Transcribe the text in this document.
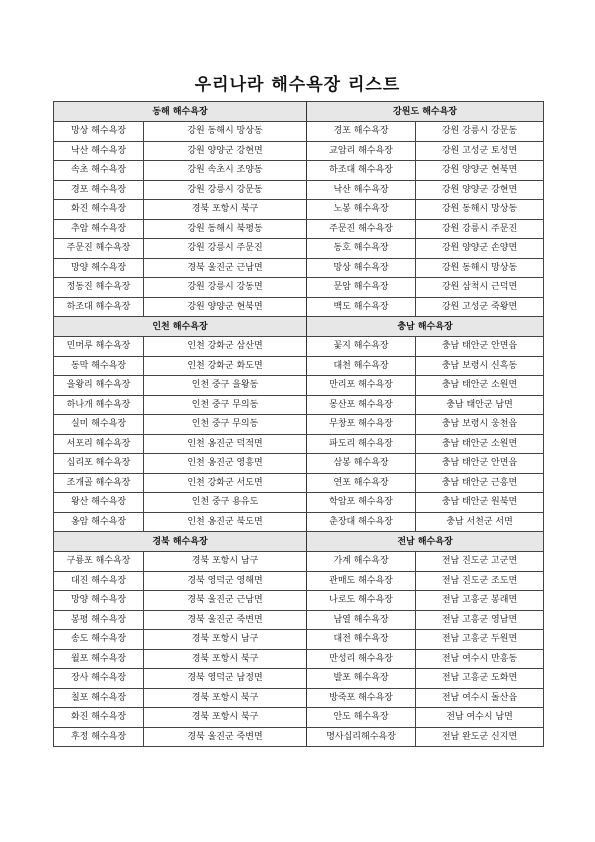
우리나라 해수욕장 리스트
동해 해수욕장		강원도 해수욕장	
망상 해수욕장	강원 동해시 망상동	경포 해수욕장	강원 강릉시 강문동
낙산 해수욕장	강원 양양군 강현면	교암리 해수욕장	강원 고성군 토성면
속초 해수욕장	강원 속초시 조양동	하조대 해수욕장	강원 양양군 현북면
경포 해수욕장	강원 강릉시 강문동	낙산 해수욕장	강원 양양군 강현면
화진 해수욕장	경북 포항시 북구	노봉 해수욕장	강원 동해시 망상동
추암 해수욕장	강원 동해시 북평동	주문진 해수욕장	강원 강릉시 주문진
주문진 해수욕장	강원 강릉시 주문진	동호 해수욕장	강원 양양군 손양면
망양 해수욕장	경북 울진군 근남면	망상 해수욕장	강원 동해시 망상동
정동진 해수욕장	강원 강릉시 강동면	문암 해수욕장	강원 삼척시 근덕면
하조대 해수욕장	강원 양양군 현북면	백도 해수욕장	강원 고성군 죽왕면
인천 해수욕장		충남 해수욕장	
민머루 해수욕장	인천 강화군 삼산면	꽃지 해수욕장	충남 태안군 안면읍
동막 해수욕장	인천 강화군 화도면	대천 해수욕장	충남 보령시 신흑동
을왕리 해수욕장	인천 중구 을왕동	만리포 해수욕장	충남 태안군 소원면
하나개 해수욕장	인천 중구 무의동	몽산포 해수욕장	충남 태안군 남면
실미 해수욕장	인천 중구 무의동	무창포 해수욕장	충남 보령시 웅천읍
서포리 해수욕장	인천 옹진군 덕적면	파도리 해수욕장	충남 태안군 소원면
십리포 해수욕장	인천 옹진군 영흥면	삼봉 해수욕장	충남 태안군 안면읍
조개골 해수욕장	인천 강화군 서도면	연포 해수욕장	충남 태안군 근흥면
왕산 해수욕장	인천 중구 용유도	학암포 해수욕장	충남 태안군 원북면
옹암 해수욕장	인천 옹진군 북도면	춘장대 해수욕장	충남 서천군 서면
경북 해수욕장		전남 해수욕장	
구룡포 해수욕장	경북 포항시 남구	가계 해수욕장	전남 진도군 고군면
대진 해수욕장	경북 영덕군 영해면	관매도 해수욕장	전남 진도군 조도면
망양 해수욕장	경북 울진군 근남면	나로도 해수욕장	전남 고흥군 봉래면
봉평 해수욕장	경북 울진군 죽변면	남열 해수욕장	전남 고흥군 영남면
송도 해수욕장	경북 포항시 남구	대전 해수욕장	전남 고흥군 두원면
월포 해수욕장	경북 포항시 북구	만성리 해수욕장	전남 여수시 만흥동
장사 해수욕장	경북 영덕군 남정면	발포 해수욕장	전남 고흥군 도화면
칠포 해수욕장	경북 포항시 북구	방죽포 해수욕장	전남 여수시 돌산읍
화진 해수욕장	경북 포항시 북구	안도 해수욕장	전남 여수시 남면
후정 해수욕장	경북 울진군 죽변면	명사십리해수욕장	전남 완도군 신지면
